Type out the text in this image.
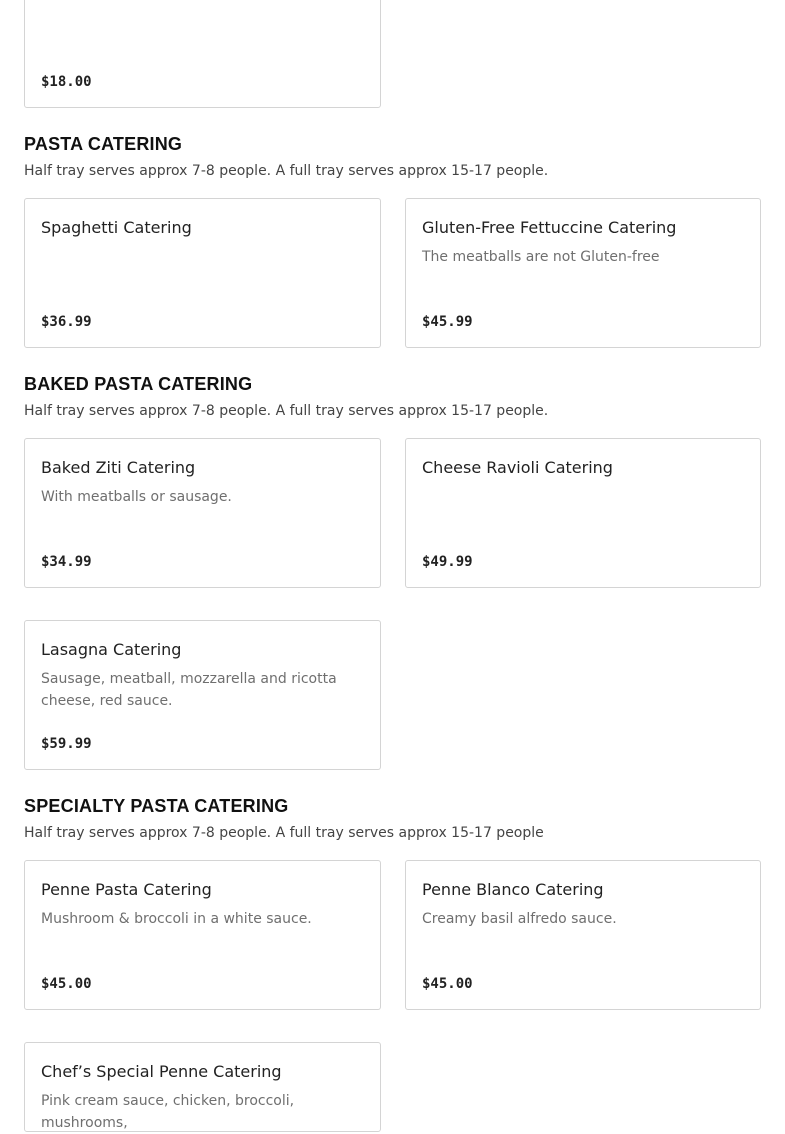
$18.00
PASTA CATERING

Half tray serves approx 7-8 people. A full tray serves approx 15-17 people.

Spaghetti Catering
$36.99
Gluten-Free Fettuccine Catering
The meatballs are not Gluten-free
$45.99
BAKED PASTA CATERING

Half tray serves approx 7-8 people. A full tray serves approx 15-17 people.

Baked Ziti Catering
With meatballs or sausage.
$34.99
Cheese Ravioli Catering
$49.99
Lasagna Catering
Sausage, meatball, mozzarella and ricotta cheese, red sauce.
$59.99
SPECIALTY PASTA CATERING

Half tray serves approx 7-8 people. A full tray serves approx 15-17 people

Penne Pasta Catering
Mushroom & broccoli in a white sauce.
$45.00
Penne Blanco Catering
Creamy basil alfredo sauce.
$45.00
Chef’s Special Penne Catering
Pink cream sauce, chicken, broccoli, mushrooms,
